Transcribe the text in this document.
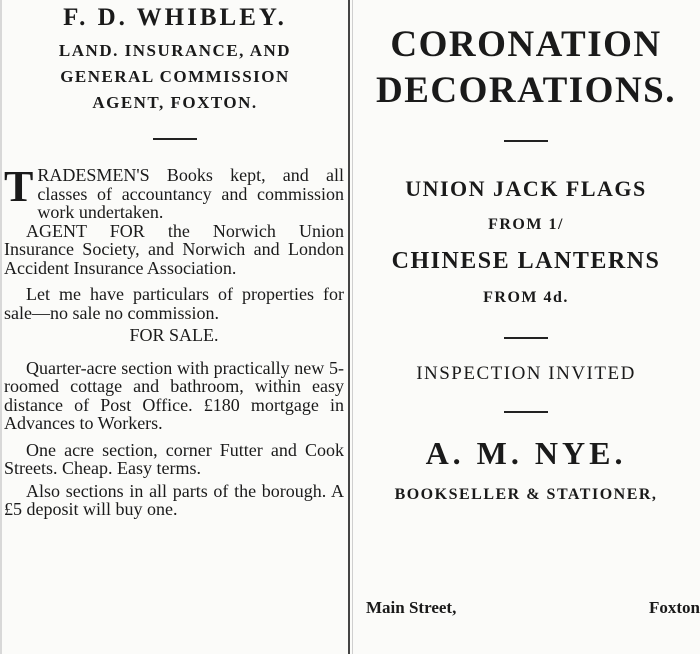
F. D. WHIBLEY.
LAND. INSURANCE, AND
GENERAL COMMISSION
AGENT, FOXTON.

TRADESMEN'S Books kept, and all classes of accountancy and commission work undertaken.

AGENT FOR the Norwich Union Insurance Society, and Norwich and London Accident Insurance Association.

Let me have particulars of properties for sale—no sale no commission.

FOR SALE.

Quarter-acre section with practically new 5-roomed cottage and bathroom, within easy distance of Post Office. £180 mortgage in Advances to Workers.

One acre section, corner Futter and Cook Streets. Cheap. Easy terms.

Also sections in all parts of the borough. A £5 deposit will buy one.

CORONATION
DECORATIONS.
UNION JACK FLAGS
FROM 1/
CHINESE LANTERNS
FROM 4d.
INSPECTION INVITED
A. M. NYE.
BOOKSELLER & STATIONER,
Main Street,	Foxton
